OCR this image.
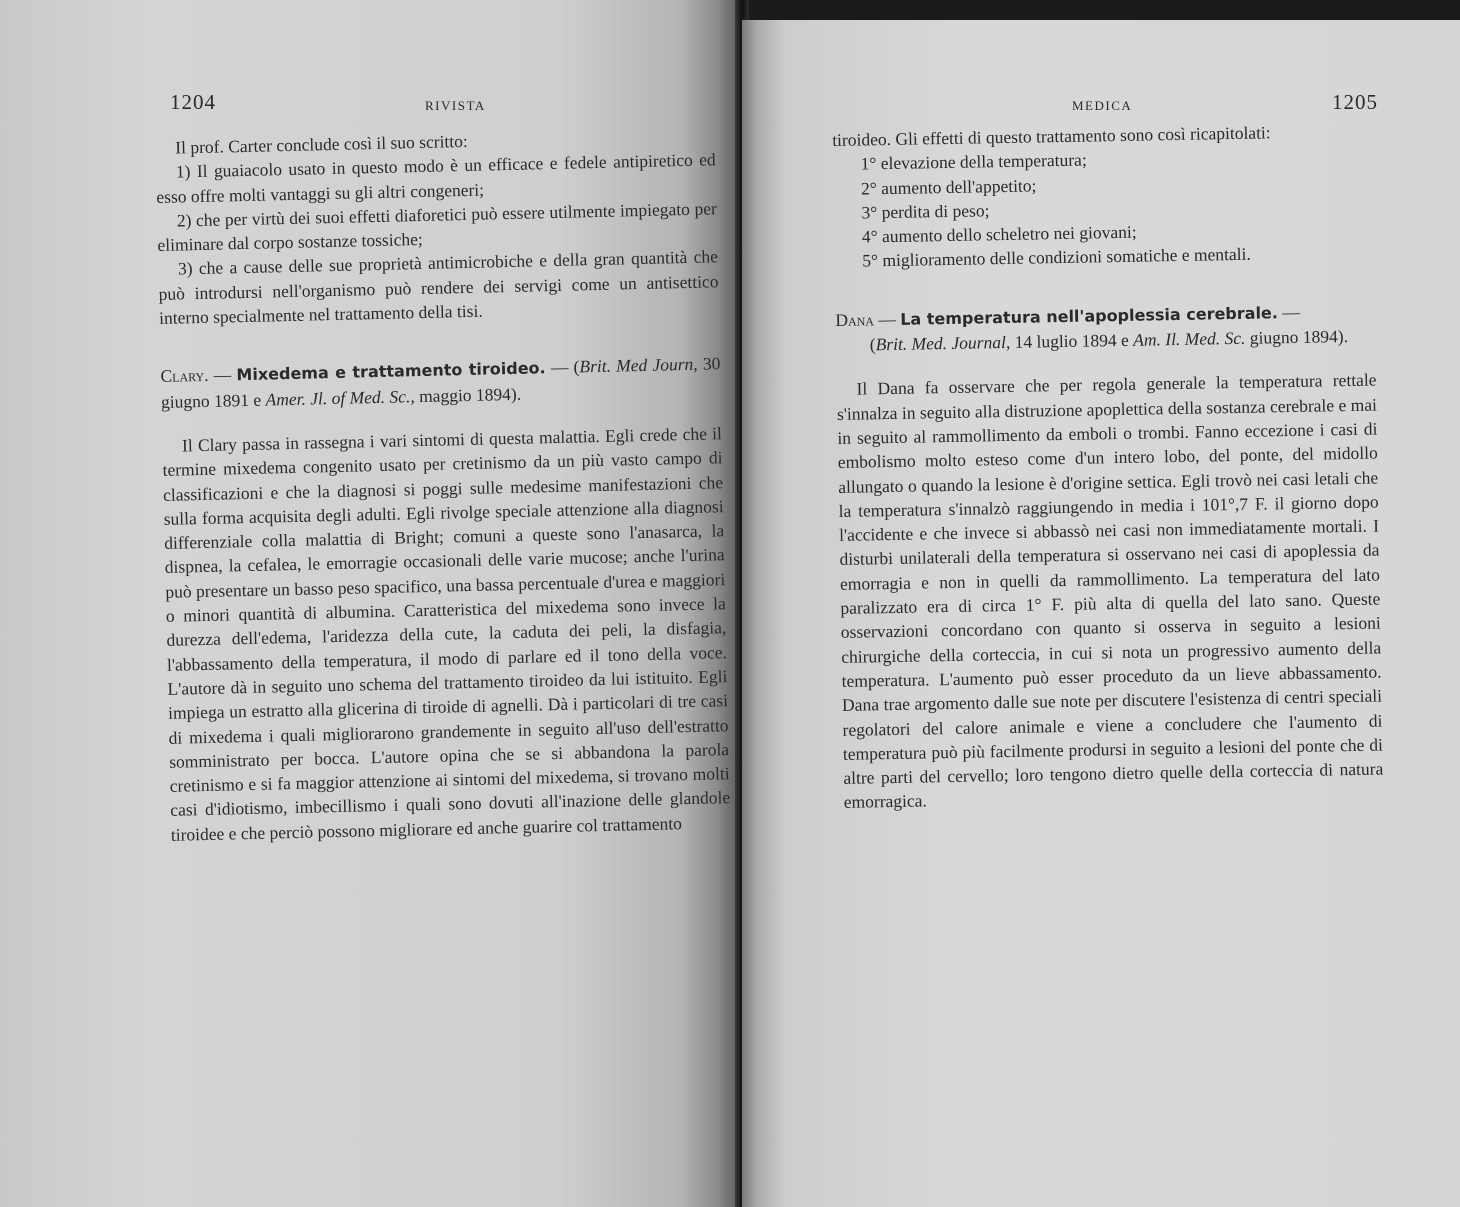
1204	RIVISTA

Il prof. Carter conclude così il suo scritto:

1) Il guaiacolo usato in questo modo è un efficace e fedele antipiretico ed esso offre molti vantaggi su gli altri congeneri;

2) che per virtù dei suoi effetti diaforetici può essere utilmente impiegato per eliminare dal corpo sostanze tossiche;

3) che a cause delle sue proprietà antimicrobiche e della gran quantità che può introdursi nell'organismo può rendere dei servigi come un antisettico interno specialmente nel trattamento della tisi.

Clary. — Mixedema e trattamento tiroideo. — (Brit. Med Journ, 30 giugno 1891 e Amer. Jl. of Med. Sc., maggio 1894).

Il Clary passa in rassegna i vari sintomi di questa malattia. Egli crede che il termine mixedema congenito usato per cretinismo da un più vasto campo di classificazioni e che la diagnosi si poggi sulle medesime manifestazioni che sulla forma acquisita degli adulti. Egli rivolge speciale attenzione alla diagnosi differenziale colla malattia di Bright; comuni a queste sono l'anasarca, la dispnea, la cefalea, le emorragie occasionali delle varie mucose; anche l'urina può presentare un basso peso spacifico, una bassa percentuale d'urea e maggiori o minori quantità di albumina. Caratteristica del mixedema sono invece la durezza dell'edema, l'aridezza della cute, la caduta dei peli, la disfagia, l'abbassamento della temperatura, il modo di parlare ed il tono della voce. L'autore dà in seguito uno schema del trattamento tiroideo da lui istituito. Egli impiega un estratto alla glicerina di tiroide di agnelli. Dà i particolari di tre casi di mixedema i quali migliorarono grandemente in seguito all'uso dell'estratto somministrato per bocca. L'autore opina che se si abbandona la parola cretinismo e si fa maggior attenzione ai sintomi del mixedema, si trovano molti casi d'idiotismo, imbecillismo i quali sono dovuti all'inazione delle glandole tiroidee e che perciò possono migliorare ed anche guarire col trattamento

MEDICA	1205

tiroideo. Gli effetti di questo trattamento sono così ricapitolati:

1° elevazione della temperatura;

2° aumento dell'appetito;

3° perdita di peso;

4° aumento dello scheletro nei giovani;

5° miglioramento delle condizioni somatiche e mentali.

Dana — La temperatura nell'apoplessia cerebrale. —
(Brit. Med. Journal, 14 luglio 1894 e Am. Il. Med. Sc. giugno 1894).

Il Dana fa osservare che per regola generale la temperatura rettale s'innalza in seguito alla distruzione apoplettica della sostanza cerebrale e mai in seguito al rammollimento da emboli o trombi. Fanno eccezione i casi di embolismo molto esteso come d'un intero lobo, del ponte, del midollo allungato o quando la lesione è d'origine settica. Egli trovò nei casi letali che la temperatura s'innalzò raggiungendo in media i 101°,7 F. il giorno dopo l'accidente e che invece si abbassò nei casi non immediatamente mortali. I disturbi unilaterali della temperatura si osservano nei casi di apoplessia da emorragia e non in quelli da rammollimento. La temperatura del lato paralizzato era di circa 1° F. più alta di quella del lato sano. Queste osservazioni concordano con quanto si osserva in seguito a lesioni chirurgiche della corteccia, in cui si nota un progressivo aumento della temperatura. L'aumento può esser proceduto da un lieve abbassamento. Dana trae argomento dalle sue note per discutere l'esistenza di centri speciali regolatori del calore animale e viene a concludere che l'aumento di temperatura può più facilmente prodursi in seguito a lesioni del ponte che di altre parti del cervello; loro tengono dietro quelle della corteccia di natura emorragica.
